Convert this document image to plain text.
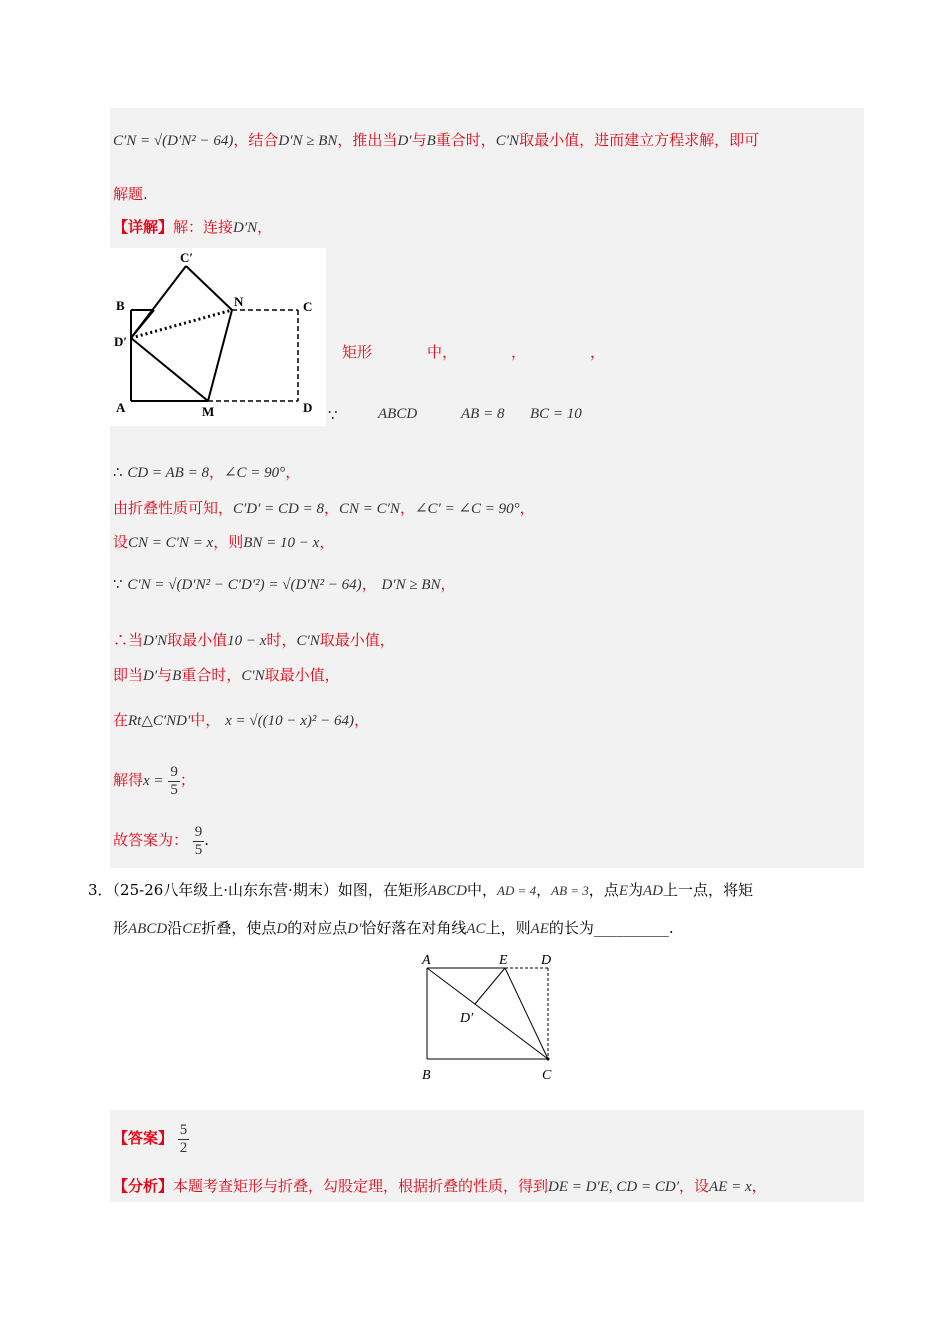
C′N = √(D′N² − 64)，结合D′N ≥ BN，推出当D′与B重合时，C′N取最小值，进而建立方程求解，即可
解题.
【详解】解：连接D′N，
C′
B	N	C
D′
A	M	D
矩形	中，	，	，
∵	ABCD	AB = 8 BC = 10
∴ CD = AB = 8，∠C = 90°，
由折叠性质可知，C′D′ = CD = 8，CN = C′N，∠C′ = ∠C = 90°，
设CN = C′N = x，则BN = 10 − x，
∵ C′N = √(D′N² − C′D′²) = √(D′N² − 64)， D′N ≥ BN，
∴当D′N取最小值10 − x时，C′N取最小值，
即当D′与B重合时，C′N取最小值，
在Rt△C′ND′中， x = √((10 − x)² − 64)，
解得$x = \frac{9}{5}$ ；
故答案为： $\frac{9}{5}$ .
3．（25-26八年级上·山东东营·期末）如图，在矩形ABCD中，AD = 4，AB = 3，点E为AD上一点，将矩
形ABCD沿CE折叠，使点D的对应点D′恰好落在对角线AC上，则AE的长为__________.
A	E D
D′
B	C
【答案】 $\frac{5}{2}$
【分析】本题考查矩形与折叠，勾股定理，根据折叠的性质，得到DE = D′E, CD = CD′，设AE = x，
